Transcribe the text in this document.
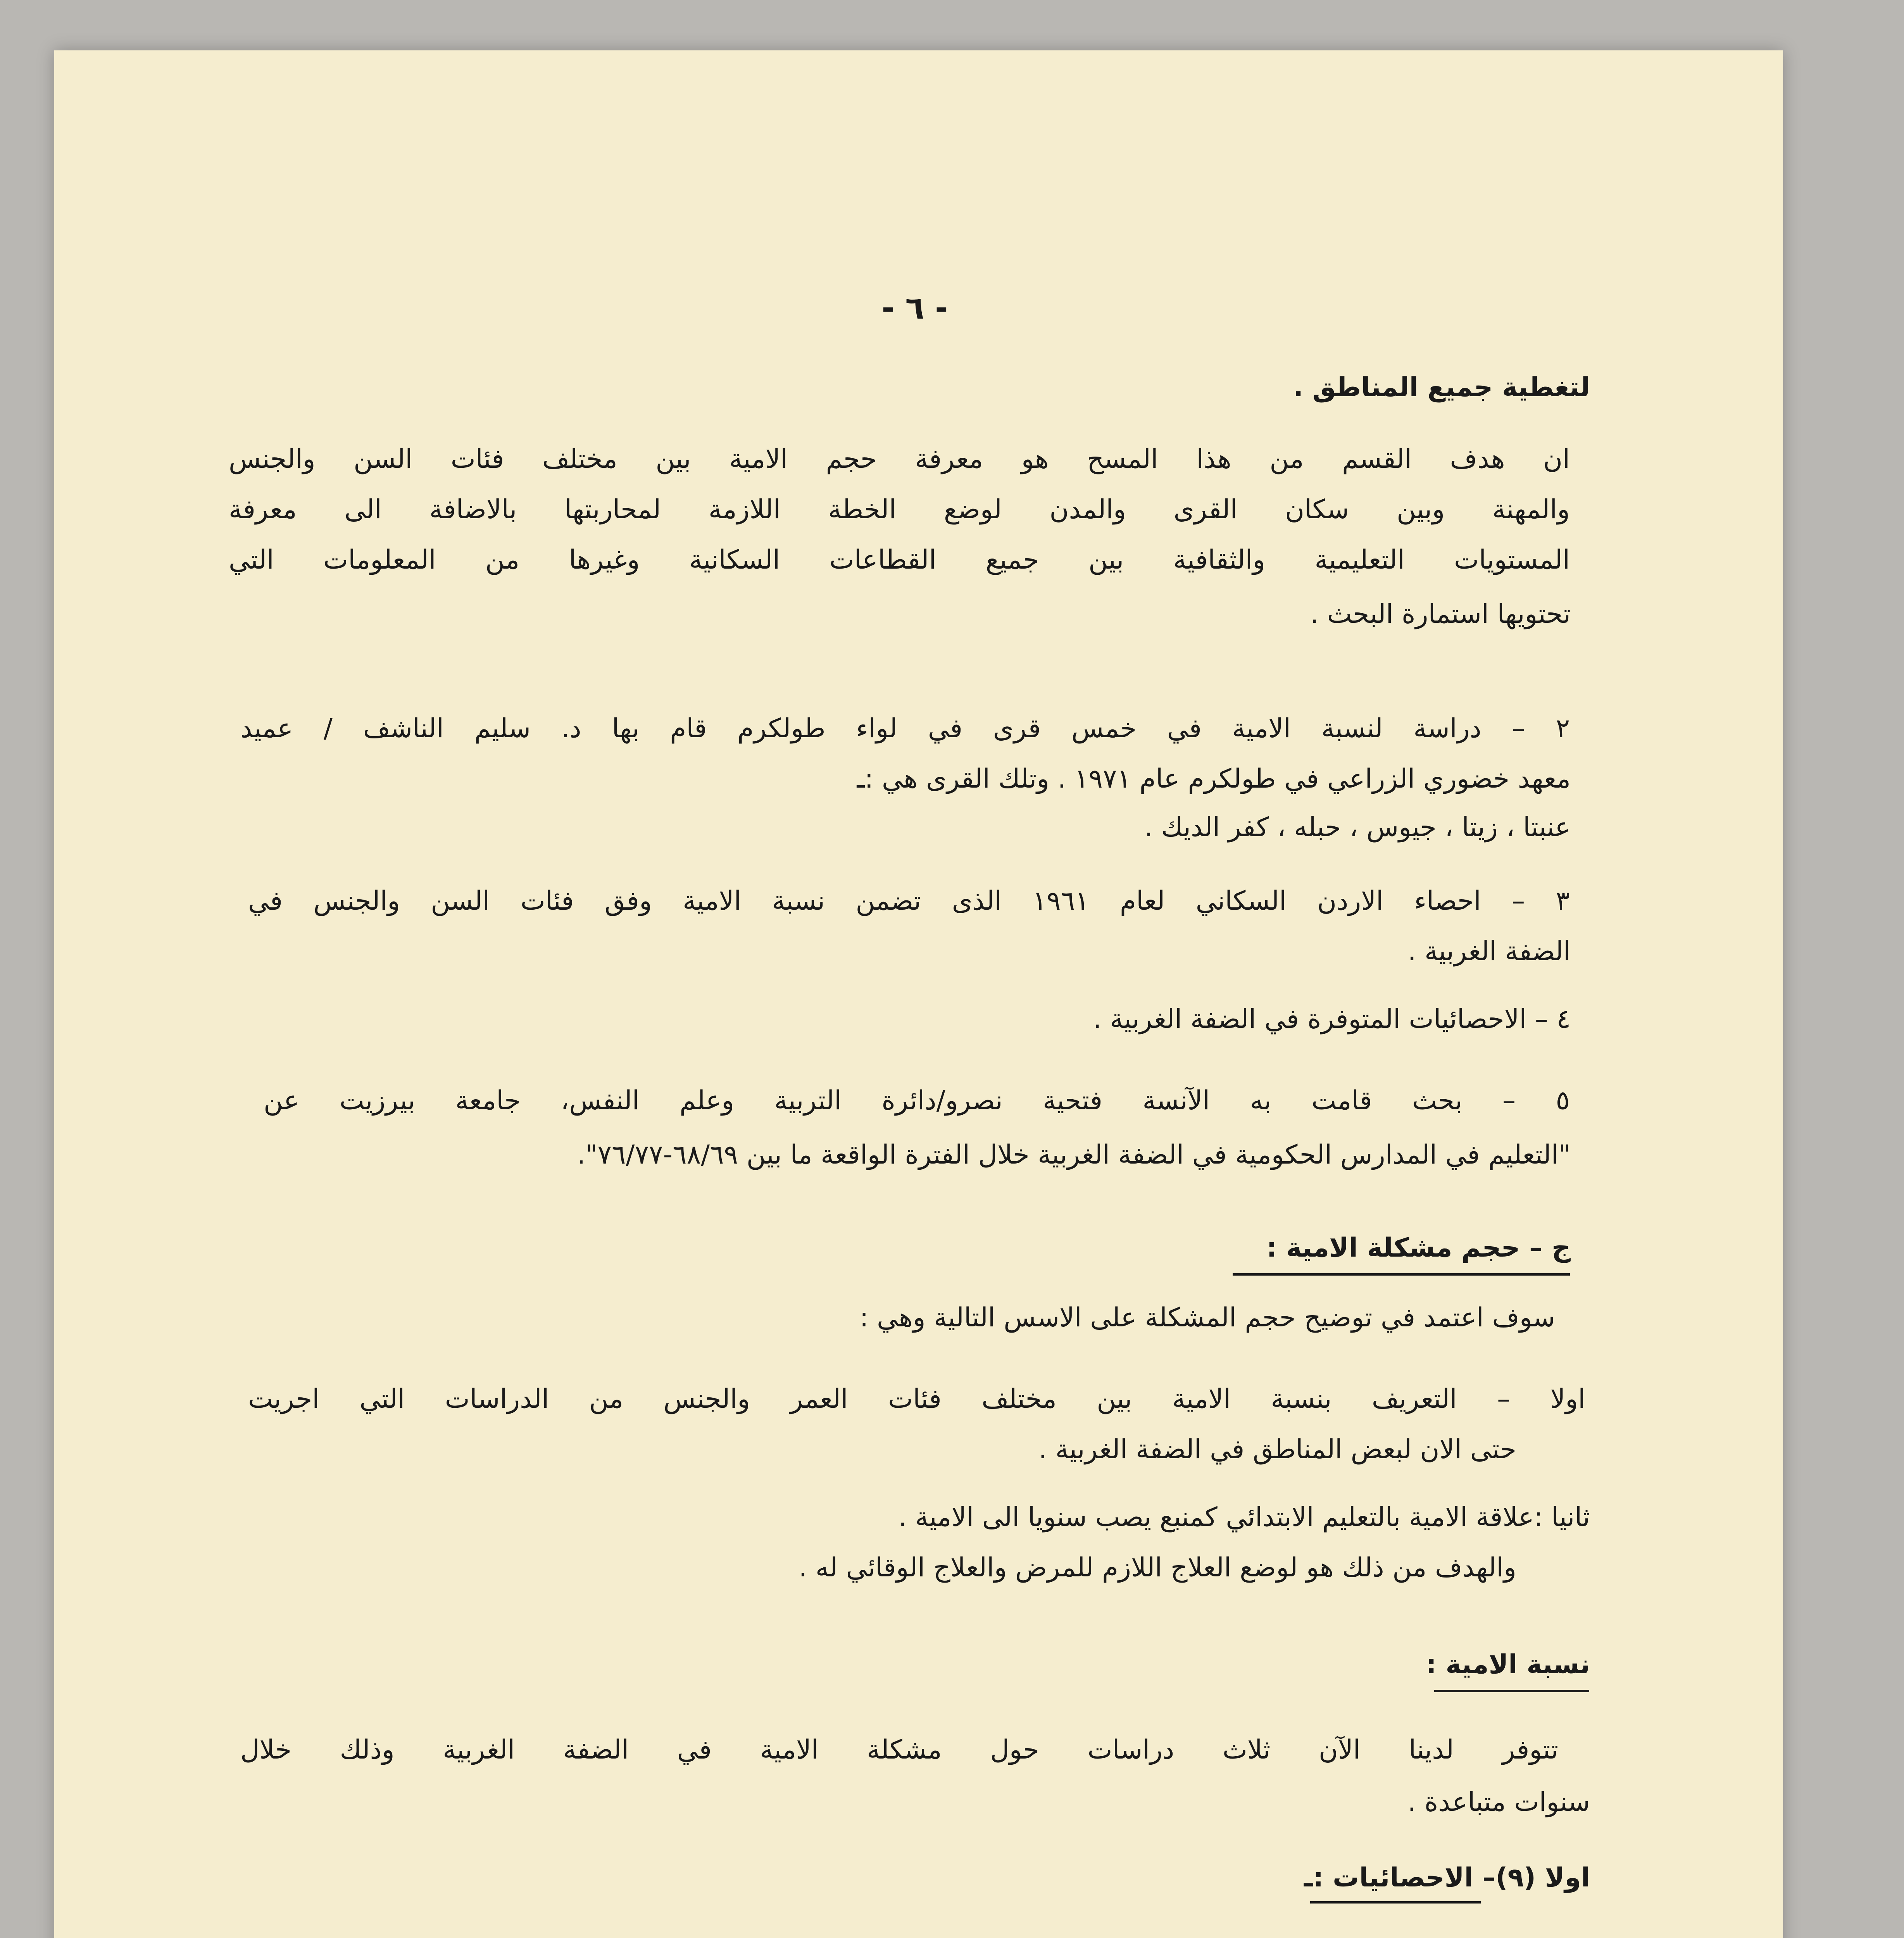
- ٦ -

لتغطية جميع المناطق .

ان هدف القسم من هذا المسح هو معرفة حجم الامية بين مختلف فئات السن والجنس

والمهنة وبين سكان القرى والمدن لوضع الخطة اللازمة لمحاربتها بالاضافة الى معرفة

المستويات التعليمية والثقافية بين جميع القطاعات السكانية وغيرها من المعلومات التي

تحتويها استمارة البحث .

٢ – دراسة لنسبة الامية في خمس قرى في لواء طولكرم قام بها د. سليم الناشف / عميد

معهد خضوري الزراعي في طولكرم عام ١٩٧١ . وتلك القرى هي :ـ

عنبتا ، زيتا ، جيوس ، حبله ، كفر الديك .

٣ – احصاء الاردن السكاني لعام ١٩٦١ الذى تضمن نسبة الامية وفق فئات السن والجنس في

الضفة الغربية .

٤ – الاحصائيات المتوفرة في الضفة الغربية .

٥ – بحث قامت به الآنسة فتحية نصرو/دائرة التربية وعلم النفس، جامعة بيرزيت عن

"التعليم في المدارس الحكومية في الضفة الغربية خلال الفترة الواقعة ما بين ٦٨/٦٩-٧٦/٧٧".

ج – حجم مشكلة الامية :

سوف اعتمد في توضيح حجم المشكلة على الاسس التالية وهي :

اولا – التعريف بنسبة الامية بين مختلف فئات العمر والجنس من الدراسات التي اجريت

حتى الان لبعض المناطق في الضفة الغربية .

ثانيا :علاقة الامية بالتعليم الابتدائي كمنبع يصب سنويا الى الامية .

والهدف من ذلك هو لوضع العلاج اللازم للمرض والعلاج الوقائي له .

نسبة الامية :

تتوفر لدينا الآن ثلاث دراسات حول مشكلة الامية في الضفة الغربية وذلك خلال

سنوات متباعدة .

اولا (٩)– الاحصائيات :ـ
